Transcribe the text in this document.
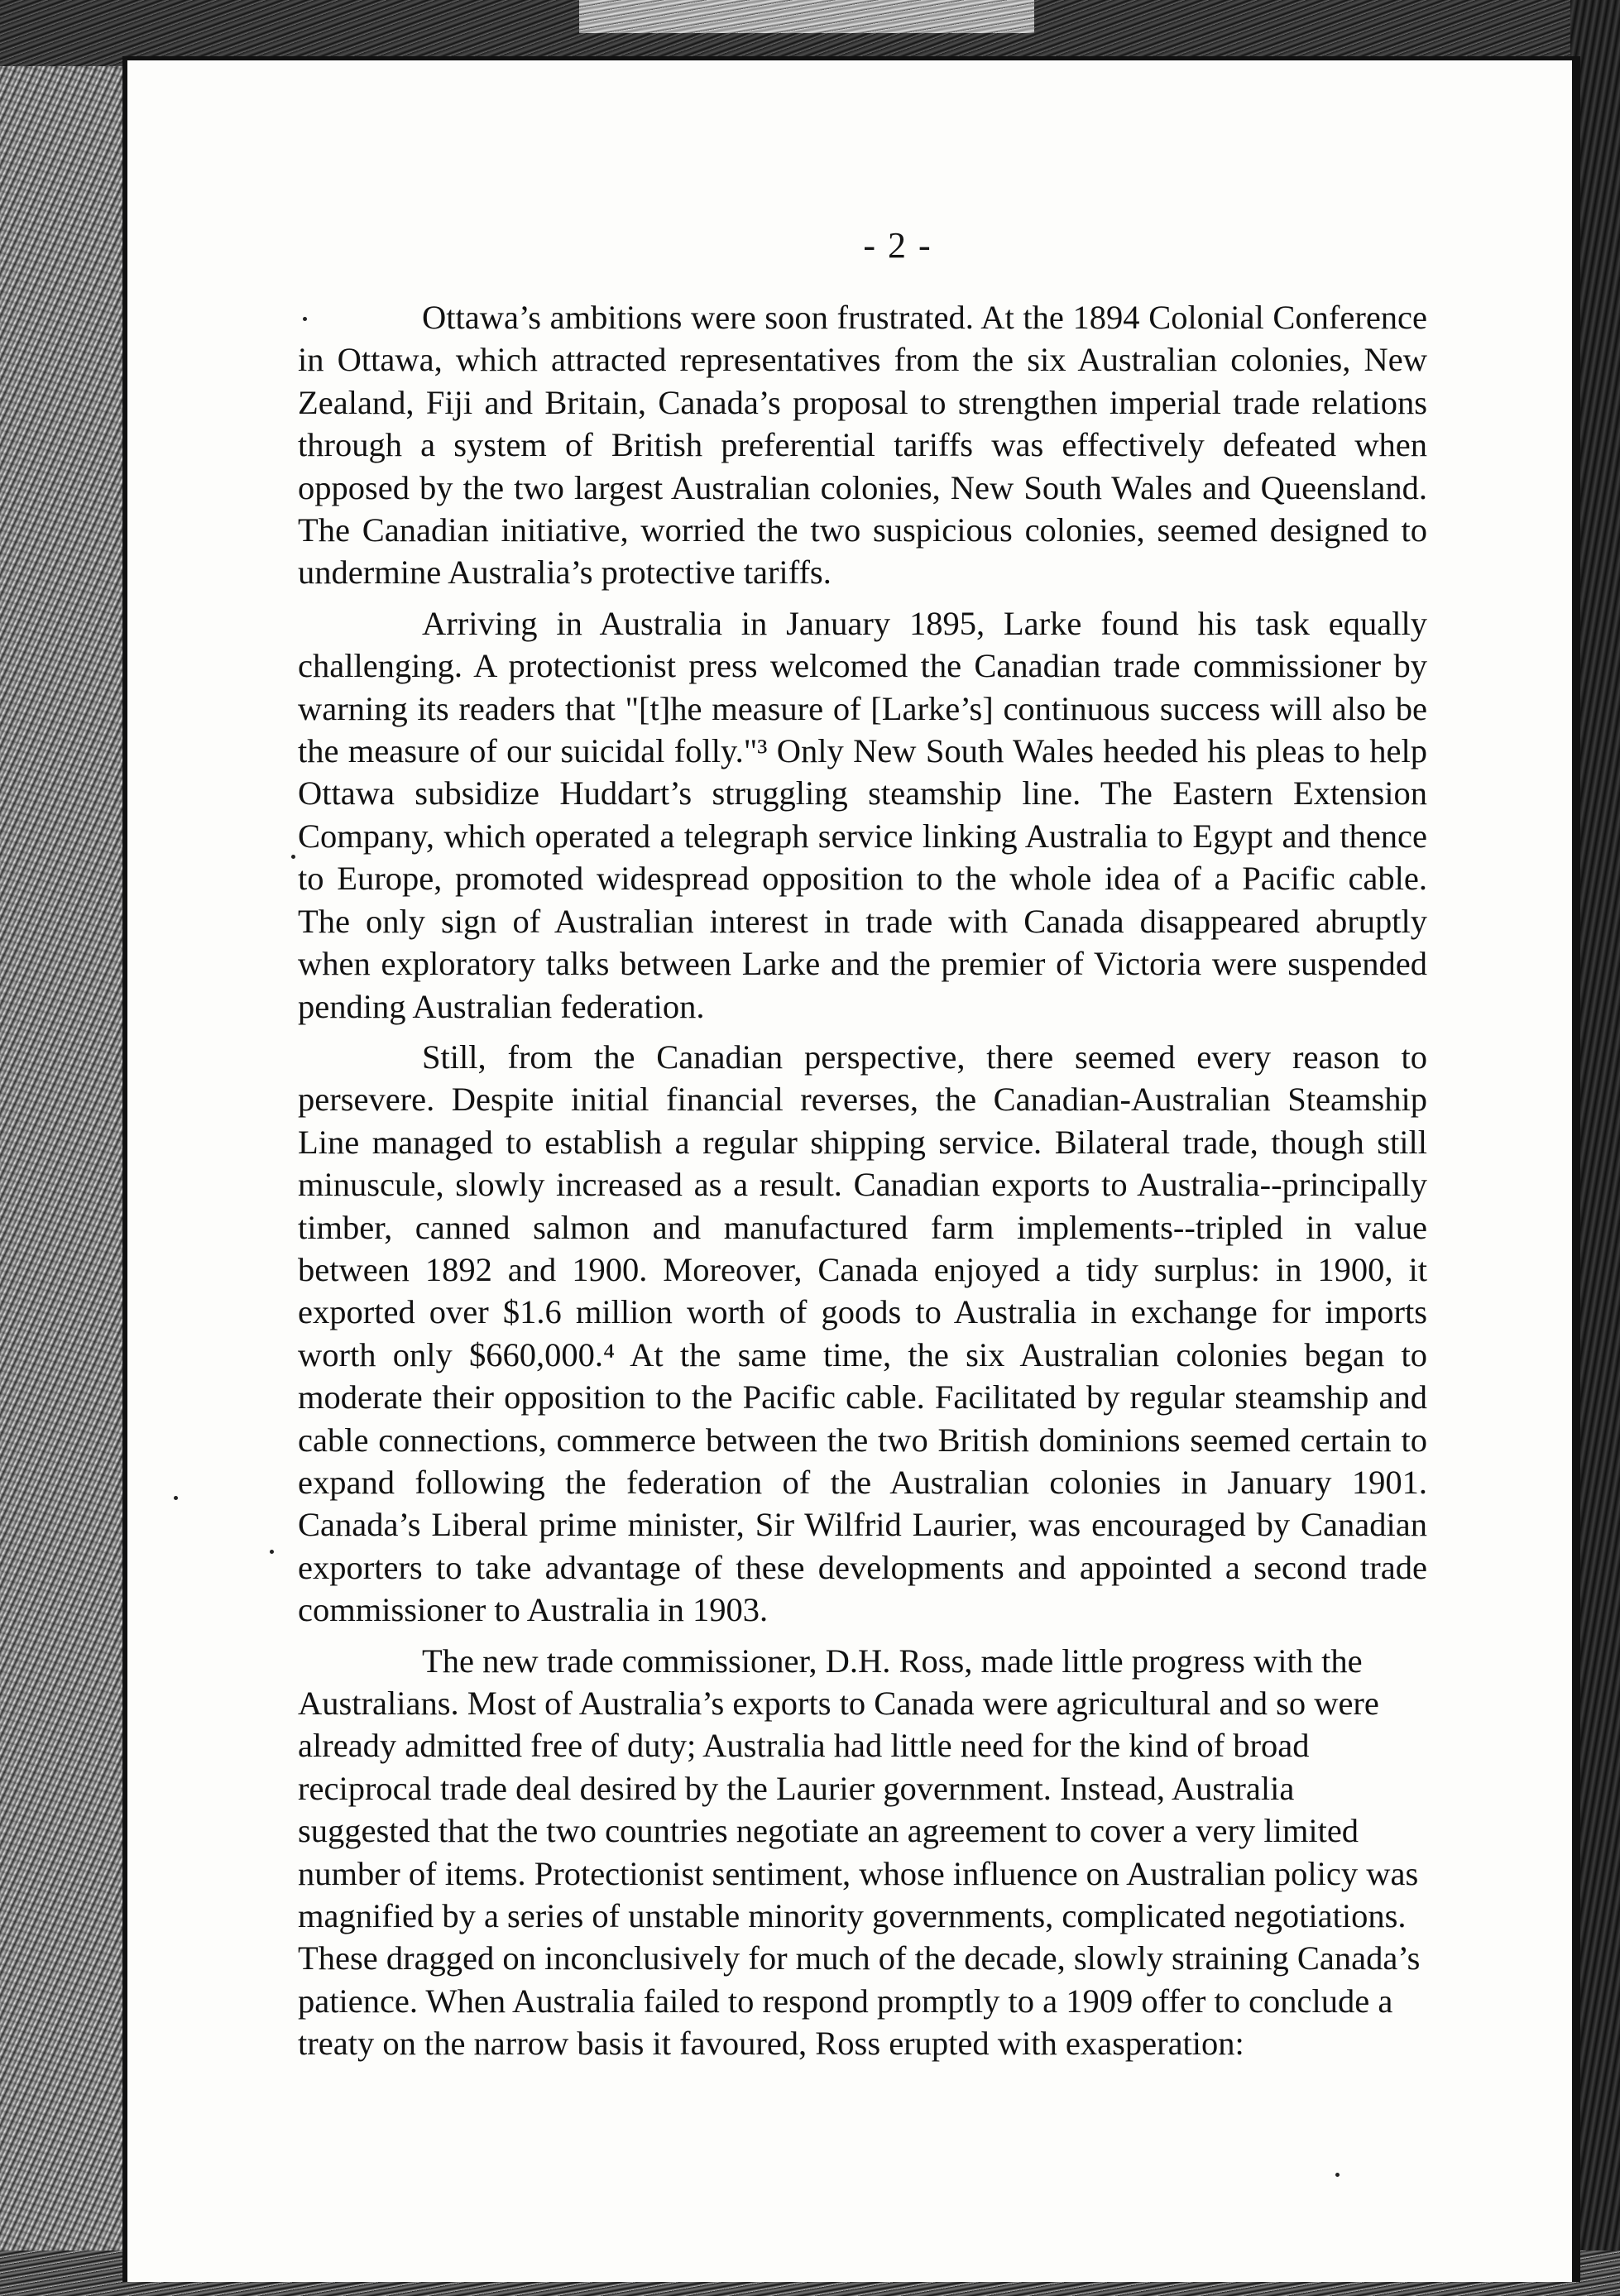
- 2 -

Ottawa’s ambitions were soon frustrated. At the 1894 Colonial Conference in Ottawa, which attracted representatives from the six Australian colonies, New Zealand, Fiji and Britain, Canada’s proposal to strengthen imperial trade relations through a system of British preferential tariffs was effectively defeated when opposed by the two largest Australian colonies, New South Wales and Queensland. The Canadian initiative, worried the two suspicious colonies, seemed designed to undermine Australia’s protective tariffs.

Arriving in Australia in January 1895, Larke found his task equally challenging. A protectionist press welcomed the Canadian trade commissioner by warning its readers that "[t]he measure of [Larke’s] continuous success will also be the measure of our suicidal folly."³ Only New South Wales heeded his pleas to help Ottawa subsidize Huddart’s struggling steamship line. The Eastern Extension Company, which operated a telegraph service linking Australia to Egypt and thence to Europe, promoted widespread opposition to the whole idea of a Pacific cable. The only sign of Australian interest in trade with Canada disappeared abruptly when exploratory talks between Larke and the premier of Victoria were suspended pending Australian federation.

Still, from the Canadian perspective, there seemed every reason to persevere. Despite initial financial reverses, the Canadian-Australian Steamship Line managed to establish a regular shipping service. Bilateral trade, though still minuscule, slowly increased as a result. Canadian exports to Australia--principally timber, canned salmon and manufactured farm implements--tripled in value between 1892 and 1900. Moreover, Canada enjoyed a tidy surplus: in 1900, it exported over $1.6 million worth of goods to Australia in exchange for imports worth only $660,000.⁴ At the same time, the six Australian colonies began to moderate their opposition to the Pacific cable. Facilitated by regular steamship and cable connections, commerce between the two British dominions seemed certain to expand following the federation of the Australian colonies in January 1901. Canada’s Liberal prime minister, Sir Wilfrid Laurier, was encouraged by Canadian exporters to take advantage of these developments and appointed a second trade commissioner to Australia in 1903.

The new trade commissioner, D.H. Ross, made little progress with the Australians. Most of Australia’s exports to Canada were agricultural and so were already admitted free of duty; Australia had little need for the kind of broad reciprocal trade deal desired by the Laurier government. Instead, Australia suggested that the two countries negotiate an agreement to cover a very limited number of items. Protectionist sentiment, whose influence on Australian policy was magnified by a series of unstable minority governments, complicated negotiations. These dragged on inconclusively for much of the decade, slowly straining Canada’s patience. When Australia failed to respond promptly to a 1909 offer to conclude a treaty on the narrow basis it favoured, Ross erupted with exasperation:
